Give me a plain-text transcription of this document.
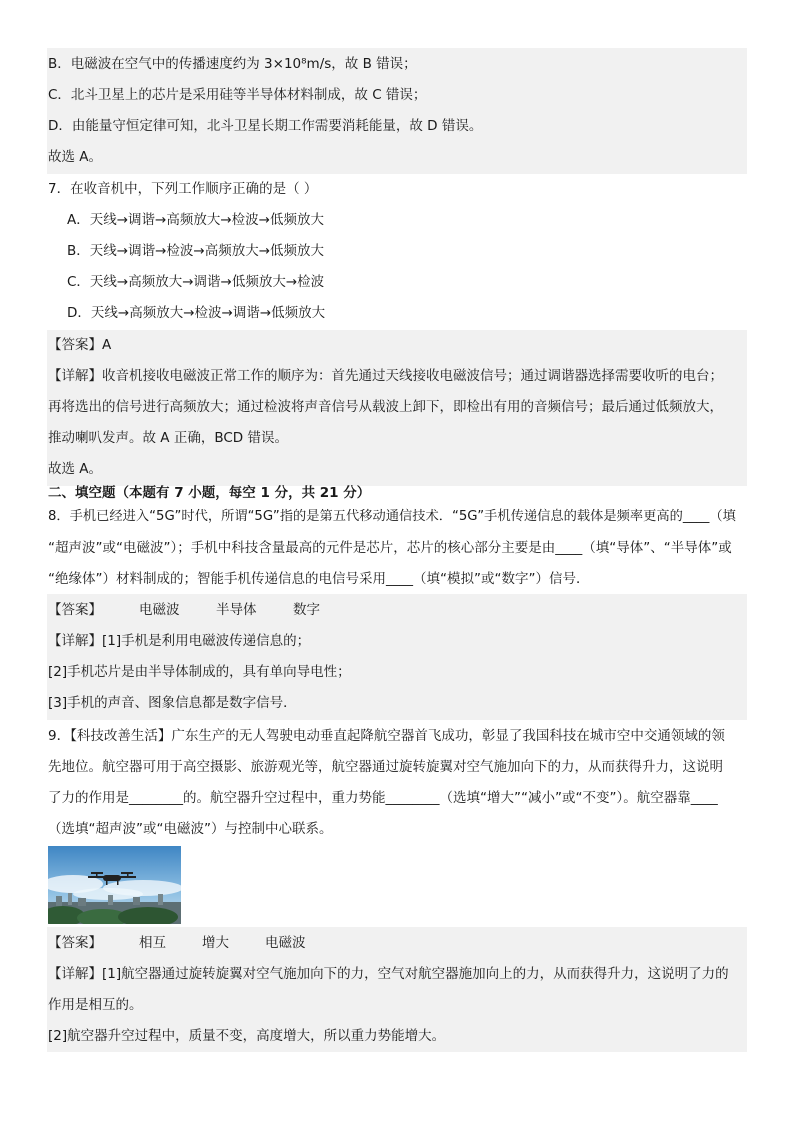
B．电磁波在空气中的传播速度约为 3×10⁸m/s，故 B 错误；
C．北斗卫星上的芯片是采用硅等半导体材料制成，故 C 错误；
D．由能量守恒定律可知，北斗卫星长期工作需要消耗能量，故 D 错误。
故选 A。
7．在收音机中，下列工作顺序正确的是（ ）
A．天线→调谐→高频放大→检波→低频放大
B．天线→调谐→检波→高频放大→低频放大
C．天线→高频放大→调谐→低频放大→检波
D．天线→高频放大→检波→调谐→低频放大
【答案】A
【详解】收音机接收电磁波正常工作的顺序为：首先通过天线接收电磁波信号；通过调谐器选择需要收听的电台；
再将选出的信号进行高频放大；通过检波将声音信号从载波上卸下，即检出有用的音频信号；最后通过低频放大，
推动喇叭发声。故 A 正确，BCD 错误。
故选 A。
二、填空题（本题有 7 小题，每空 1 分，共 21 分）
8．手机已经进入“5G”时代，所谓“5G”指的是第五代移动通信技术．“5G”手机传递信息的载体是频率更高的____（填
“超声波”或“电磁波”）；手机中科技含量最高的元件是芯片，芯片的核心部分主要是由____（填“导体”、“半导体”或
“绝缘体”）材料制成的；智能手机传递信息的电信号采用____（填“模拟”或“数字”）信号．
【答案】	电磁波	半导体	数字
【详解】[1]手机是利用电磁波传递信息的；
[2]手机芯片是由半导体制成的，具有单向导电性；
[3]手机的声音、图象信息都是数字信号．
9．【科技改善生活】广东生产的无人驾驶电动垂直起降航空器首飞成功，彰显了我国科技在城市空中交通领域的领
先地位。航空器可用于高空摄影、旅游观光等，航空器通过旋转旋翼对空气施加向下的力，从而获得升力，这说明
了力的作用是________的。航空器升空过程中，重力势能________（选填“增大”“减小”或“不变”）。航空器靠____
（选填“超声波”或“电磁波”）与控制中心联系。
【答案】	相互	增大	电磁波
【详解】[1]航空器通过旋转旋翼对空气施加向下的力，空气对航空器施加向上的力，从而获得升力，这说明了力的
作用是相互的。
[2]航空器升空过程中，质量不变，高度增大，所以重力势能增大。
